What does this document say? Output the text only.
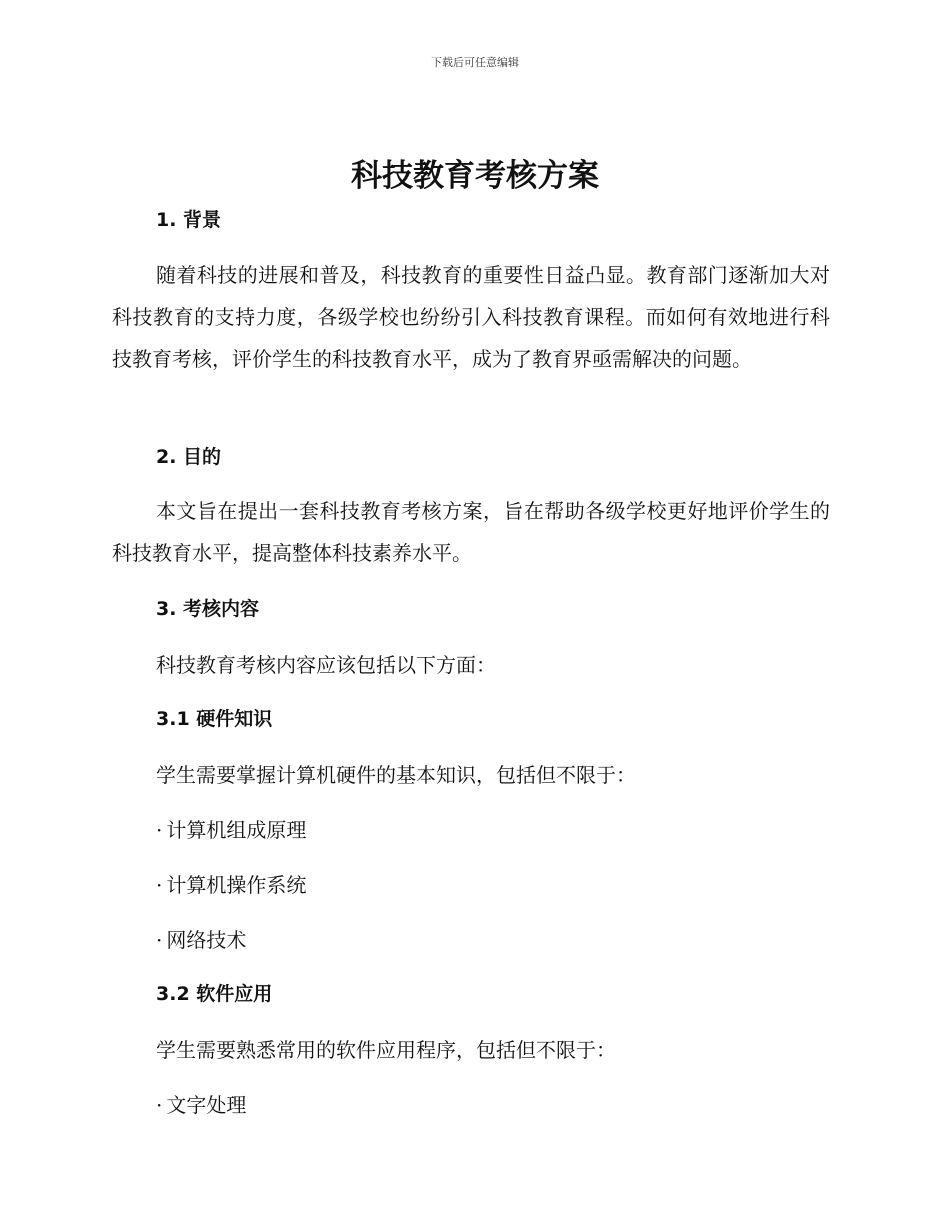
下载后可任意编辑
科技教育考核方案
1. 背景

随着科技的进展和普及，科技教育的重要性日益凸显。教育部门逐渐加大对科技教育的支持力度，各级学校也纷纷引入科技教育课程。而如何有效地进行科技教育考核，评价学生的科技教育水平，成为了教育界亟需解决的问题。

2. 目的

本文旨在提出一套科技教育考核方案，旨在帮助各级学校更好地评价学生的科技教育水平，提高整体科技素养水平。

3. 考核内容

科技教育考核内容应该包括以下方面：

3.1 硬件知识

学生需要掌握计算机硬件的基本知识，包括但不限于：

· 计算机组成原理

· 计算机操作系统

· 网络技术

3.2 软件应用

学生需要熟悉常用的软件应用程序，包括但不限于：

· 文字处理
